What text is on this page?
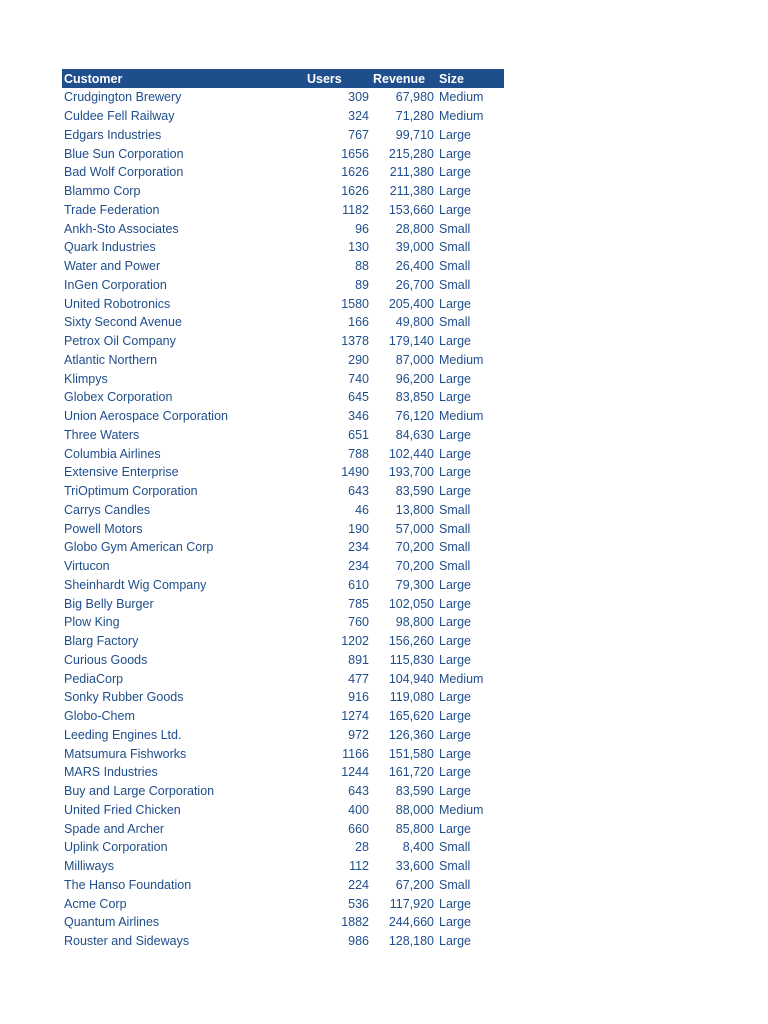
Customer	Users	Revenue	Size
Crudgington Brewery	309	67,980	Medium
Culdee Fell Railway	324	71,280	Medium
Edgars Industries	767	99,710	Large
Blue Sun Corporation	1656	215,280	Large
Bad Wolf Corporation	1626	211,380	Large
Blammo Corp	1626	211,380	Large
Trade Federation	1182	153,660	Large
Ankh-Sto Associates	96	28,800	Small
Quark Industries	130	39,000	Small
Water and Power	88	26,400	Small
InGen Corporation	89	26,700	Small
United Robotronics	1580	205,400	Large
Sixty Second Avenue	166	49,800	Small
Petrox Oil Company	1378	179,140	Large
Atlantic Northern	290	87,000	Medium
Klimpys	740	96,200	Large
Globex Corporation	645	83,850	Large
Union Aerospace Corporation	346	76,120	Medium
Three Waters	651	84,630	Large
Columbia Airlines	788	102,440	Large
Extensive Enterprise	1490	193,700	Large
TriOptimum Corporation	643	83,590	Large
Carrys Candles	46	13,800	Small
Powell Motors	190	57,000	Small
Globo Gym American Corp	234	70,200	Small
Virtucon	234	70,200	Small
Sheinhardt Wig Company	610	79,300	Large
Big Belly Burger	785	102,050	Large
Plow King	760	98,800	Large
Blarg Factory	1202	156,260	Large
Curious Goods	891	115,830	Large
PediaCorp	477	104,940	Medium
Sonky Rubber Goods	916	119,080	Large
Globo-Chem	1274	165,620	Large
Leeding Engines Ltd.	972	126,360	Large
Matsumura Fishworks	1166	151,580	Large
MARS Industries	1244	161,720	Large
Buy and Large Corporation	643	83,590	Large
United Fried Chicken	400	88,000	Medium
Spade and Archer	660	85,800	Large
Uplink Corporation	28	8,400	Small
Milliways	112	33,600	Small
The Hanso Foundation	224	67,200	Small
Acme Corp	536	117,920	Large
Quantum Airlines	1882	244,660	Large
Rouster and Sideways	986	128,180	Large
